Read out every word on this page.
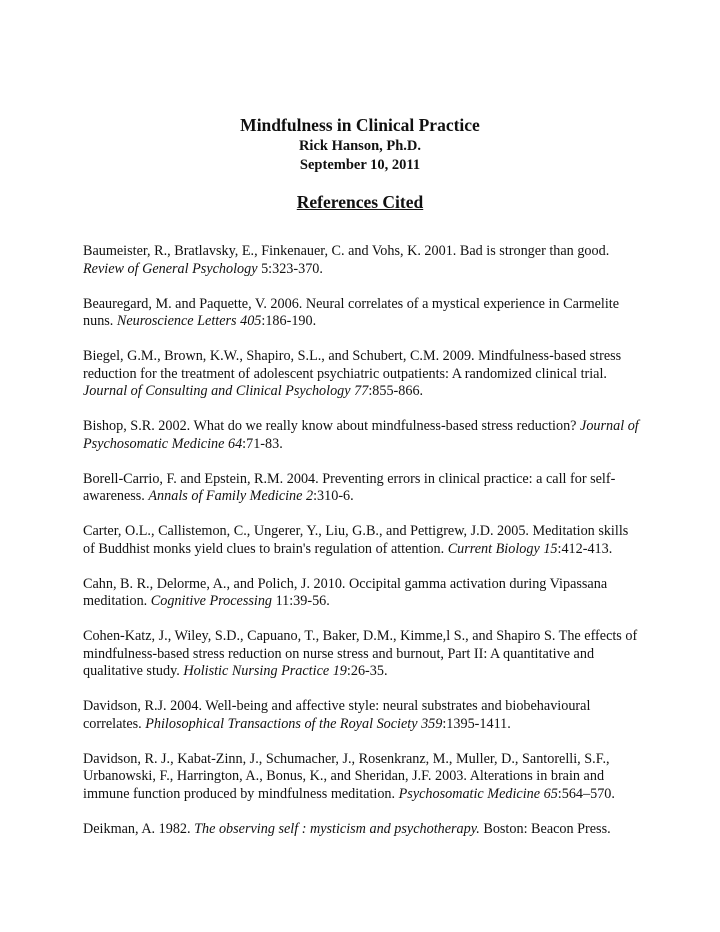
Mindfulness in Clinical Practice

Rick Hanson, Ph.D.

September 10, 2011

References Cited

Baumeister, R., Bratlavsky, E., Finkenauer, C. and Vohs, K. 2001. Bad is stronger than good. Review of General Psychology 5:323-370.

Beauregard, M. and Paquette, V. 2006. Neural correlates of a mystical experience in Carmelite nuns. Neuroscience Letters 405:186-190.

Biegel, G.M., Brown, K.W., Shapiro, S.L., and Schubert, C.M. 2009. Mindfulness-based stress reduction for the treatment of adolescent psychiatric outpatients: A randomized clinical trial. Journal of Consulting and Clinical Psychology 77:855-866.

Bishop, S.R. 2002. What do we really know about mindfulness-based stress reduction? Journal of Psychosomatic Medicine 64:71-83.

Borell-Carrio, F. and Epstein, R.M. 2004. Preventing errors in clinical practice: a call for self-awareness. Annals of Family Medicine 2:310-6.

Carter, O.L., Callistemon, C., Ungerer, Y., Liu, G.B., and Pettigrew, J.D. 2005. Meditation skills of Buddhist monks yield clues to brain's regulation of attention. Current Biology 15:412-413.

Cahn, B. R., Delorme, A., and Polich, J. 2010. Occipital gamma activation during Vipassana meditation. Cognitive Processing 11:39-56.

Cohen-Katz, J., Wiley, S.D., Capuano, T., Baker, D.M., Kimme,l S., and Shapiro S. The effects of mindfulness-based stress reduction on nurse stress and burnout, Part II: A quantitative and qualitative study. Holistic Nursing Practice 19:26-35.

Davidson, R.J. 2004. Well-being and affective style: neural substrates and biobehavioural correlates. Philosophical Transactions of the Royal Society 359:1395-1411.

Davidson, R. J., Kabat-Zinn, J., Schumacher, J., Rosenkranz, M., Muller, D., Santorelli, S.F., Urbanowski, F., Harrington, A., Bonus, K., and Sheridan, J.F. 2003. Alterations in brain and immune function produced by mindfulness meditation. Psychosomatic Medicine 65:564–570.

Deikman, A. 1982. The observing self : mysticism and psychotherapy. Boston: Beacon Press.
